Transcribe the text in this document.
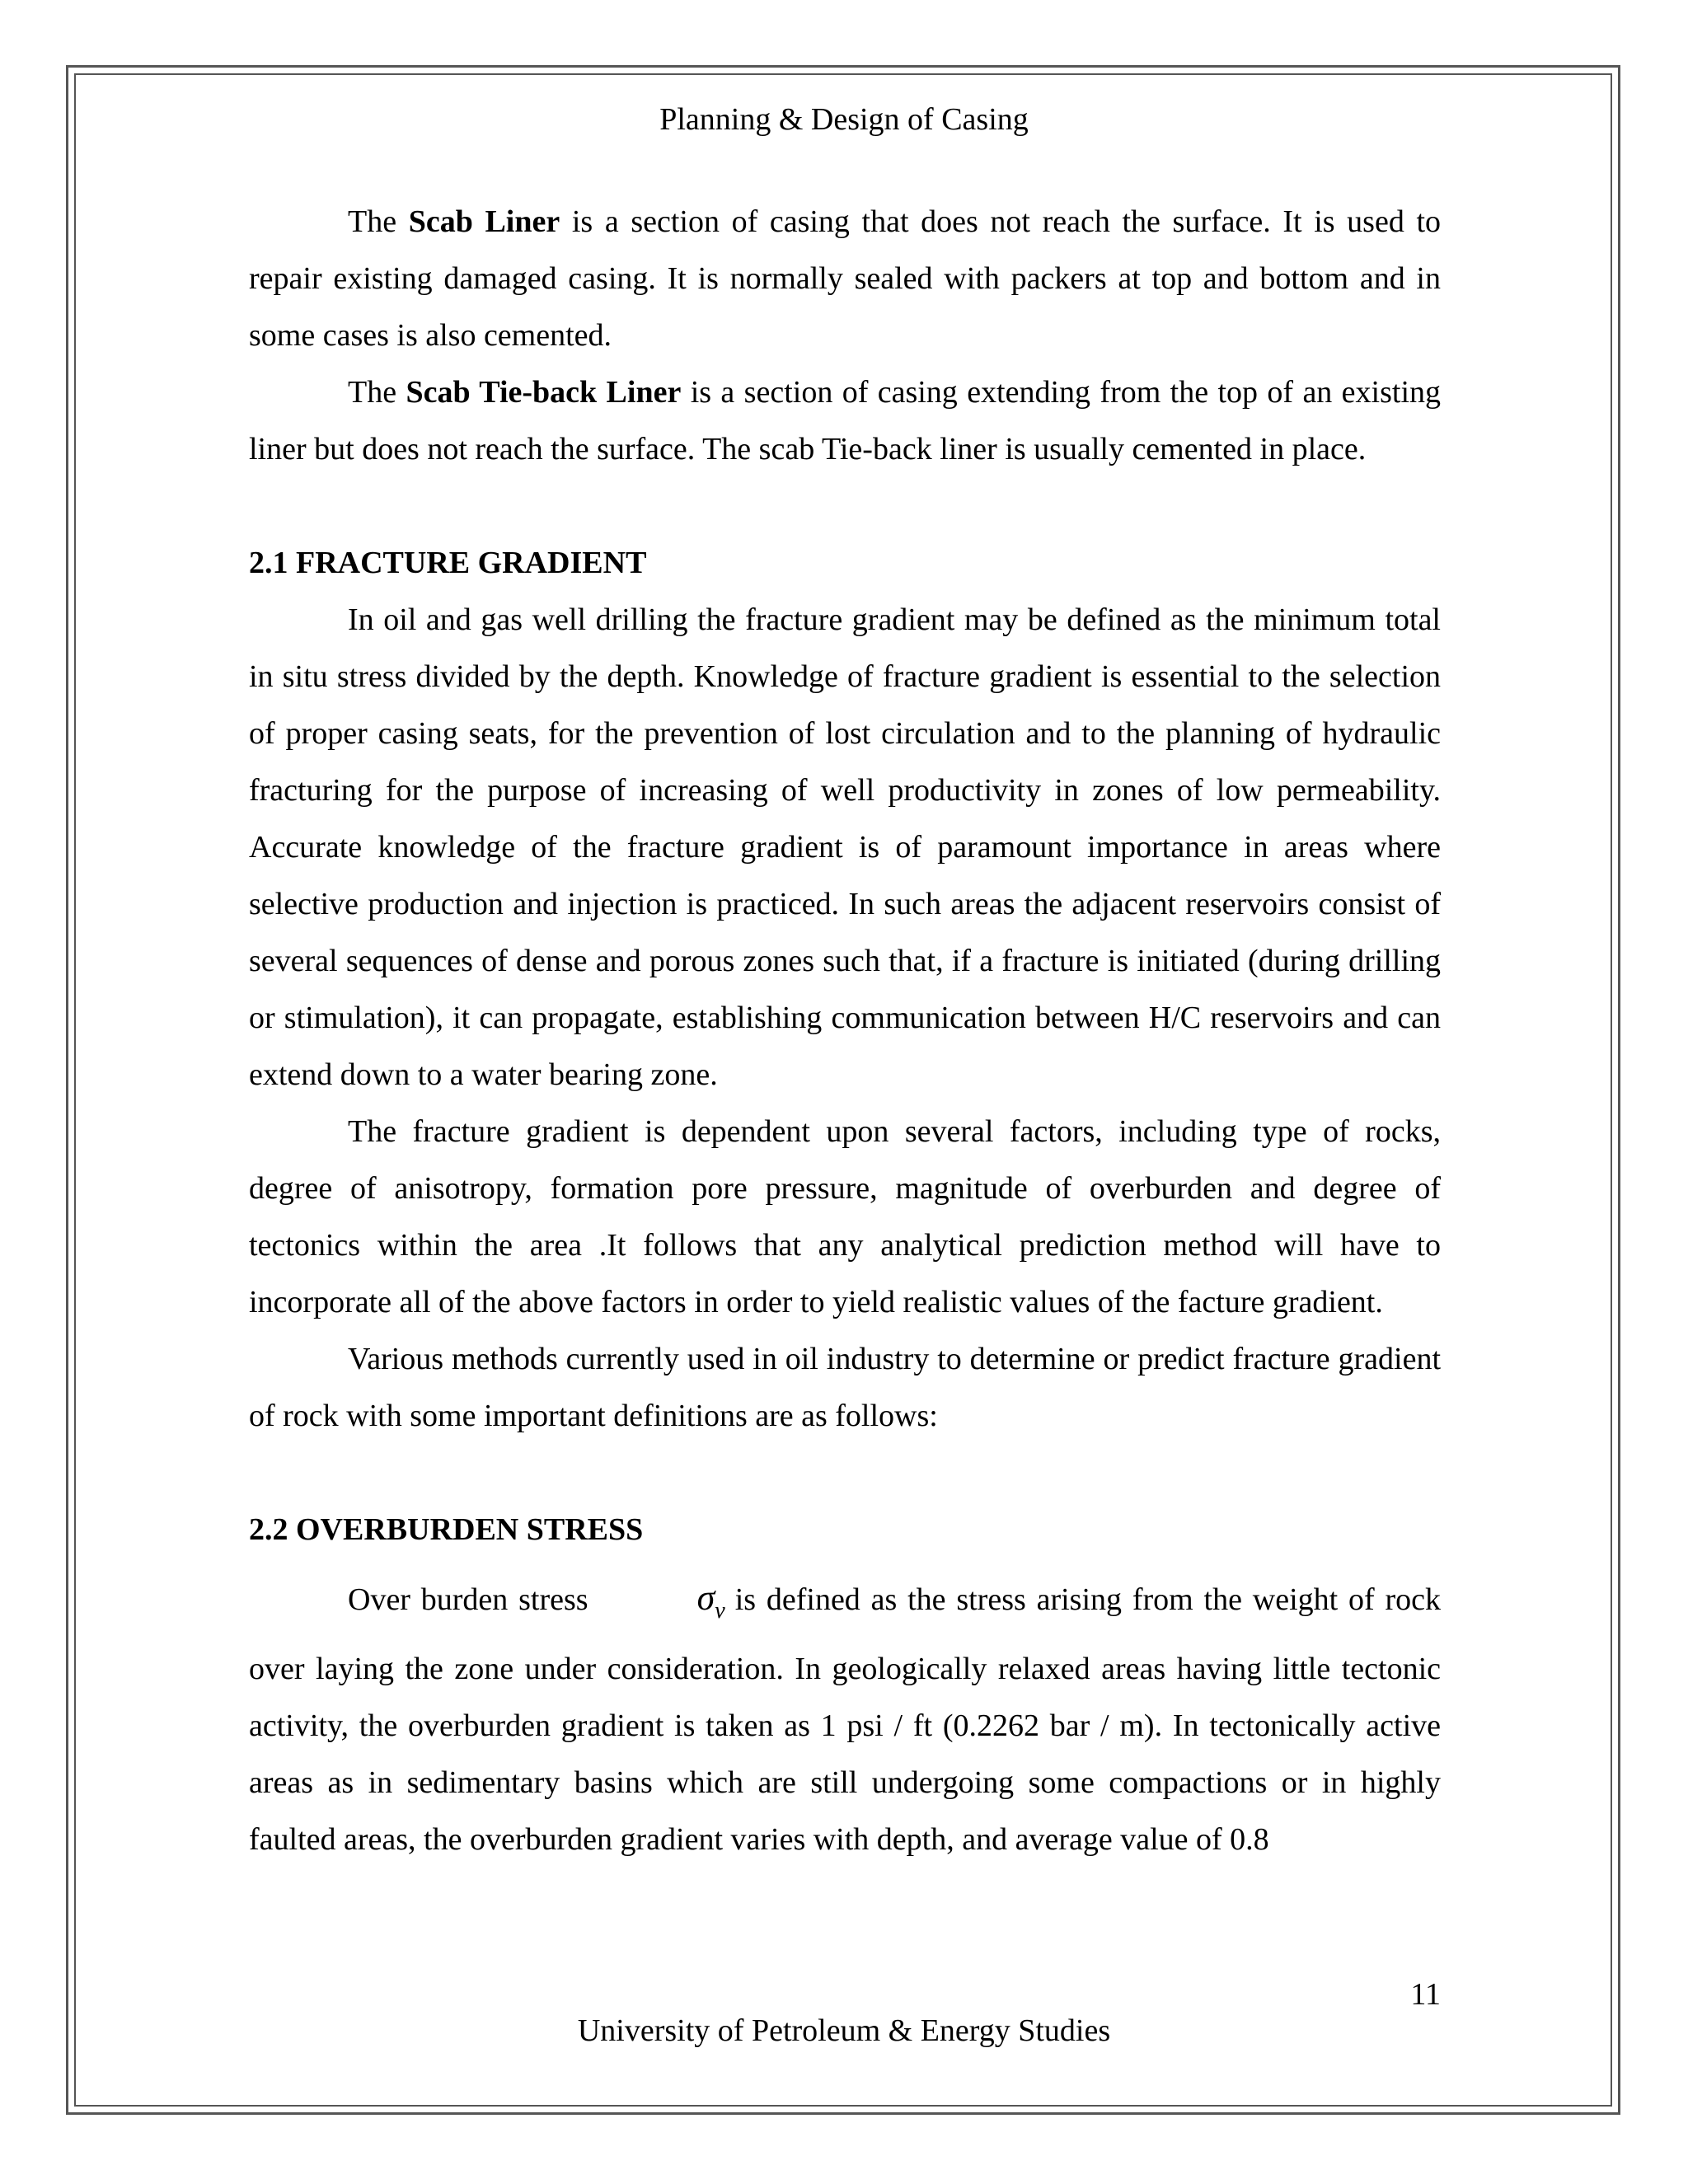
Planning & Design of Casing

The Scab Liner is a section of casing that does not reach the surface. It is used to repair existing damaged casing. It is normally sealed with packers at top and bottom and in some cases is also cemented.

The Scab Tie-back Liner is a section of casing extending from the top of an existing liner but does not reach the surface. The scab Tie-back liner is usually cemented in place.

2.1 FRACTURE GRADIENT

In oil and gas well drilling the fracture gradient may be defined as the minimum total in situ stress divided by the depth. Knowledge of fracture gradient is essential to the selection of proper casing seats, for the prevention of lost circulation and to the planning of hydraulic fracturing for the purpose of increasing of well productivity in zones of low permeability. Accurate knowledge of the fracture gradient is of paramount importance in areas where selective production and injection is practiced. In such areas the adjacent reservoirs consist of several sequences of dense and porous zones such that, if a fracture is initiated (during drilling or stimulation), it can propagate, establishing communication between H/C reservoirs and can extend down to a water bearing zone.

The fracture gradient is dependent upon several factors, including type of rocks, degree of anisotropy, formation pore pressure, magnitude of overburden and degree of tectonics within the area .It follows that any analytical prediction method will have to incorporate all of the above factors in order to yield realistic values of the facture gradient.

Various methods currently used in oil industry to determine or predict fracture gradient of rock with some important definitions are as follows:

2.2 OVERBURDEN STRESS

Over burden stress	$\sigma_v$ is defined as the stress arising from the weight of rock over laying the zone under consideration. In geologically relaxed areas having little tectonic activity, the overburden gradient is taken as 1 psi / ft (0.2262 bar / m). In tectonically active areas as in sedimentary basins which are still undergoing some compactions or in highly faulted areas, the overburden gradient varies with depth, and average value of 0.8

11
University of Petroleum & Energy Studies
